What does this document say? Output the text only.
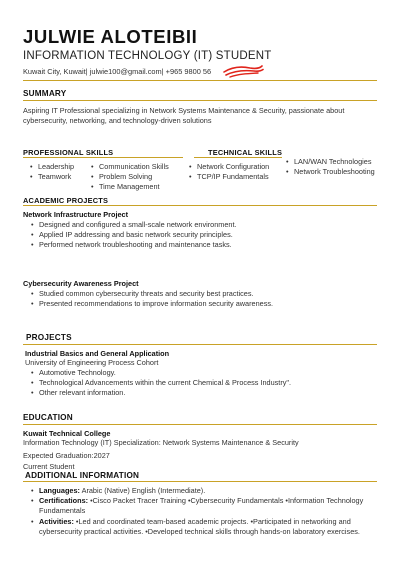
JULWIE ALOTEIBII
INFORMATION TECHNOLOGY (IT) STUDENT
Kuwait City, Kuwait| julwie100@gmail.com| +965 9800 56
SUMMARY
Aspiring IT Professional specializing in Network Systems Maintenance & Security, passionate about cybersecurity, networking, and technology-driven solutions
PROFESSIONAL SKILLS	TECHNICAL SKILLS
• Leadership
• Teamwork
• Communication Skills
• Problem Solving
• Time Management
• Network Configuration
• TCP/IP Fundamentals
• LAN/WAN Technologies
• Network Troubleshooting
ACADEMIC PROJECTS
Network Infrastructure Project
• Designed and configured a small-scale network environment.
• Applied IP addressing and basic network security principles.
• Performed network troubleshooting and maintenance tasks.
Cybersecurity Awareness Project
• Studied common cybersecurity threats and security best practices.
• Presented recommendations to improve information security awareness.
PROJECTS
Industrial Basics and General Application
University of Engineering Process Cohort
• Automotive Technology.
• Technological Advancements within the current Chemical & Process Industry".
• Other relevant information.
EDUCATION
Kuwait Technical College
Information Technology (IT) Specialization: Network Systems Maintenance & Security
Expected Graduation:2027
Current Student
ADDITIONAL INFORMATION
• Languages: Arabic (Native) English (Intermediate).
• Certifications: •Cisco Packet Tracer Training •Cybersecurity Fundamentals •Information Technology Fundamentals
• Activities: •Led and coordinated team-based academic projects. •Participated in networking and cybersecurity practical activities. •Developed technical skills through hands-on laboratory exercises.
